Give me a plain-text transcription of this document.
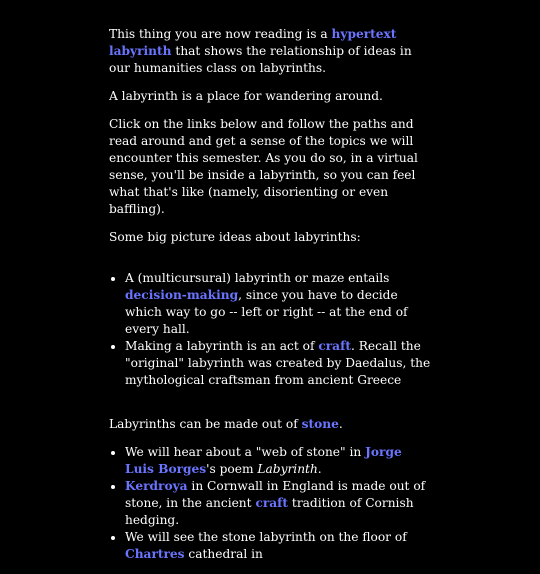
This thing you are now reading is a hypertext labyrinth that shows the relationship of ideas in our humanities class on labyrinths.

A labyrinth is a place for wandering around.

Click on the links below and follow the paths and read around and get a sense of the topics we will encounter this semester. As you do so, in a virtual sense, you'll be inside a labyrinth, so you can feel what that's like (namely, disorienting or even baffling).

Some big picture ideas about labyrinths:

• A (multicursural) labyrinth or maze entails decision-making, since you have to decide which way to go -- left or right -- at the end of every hall.
• Making a labyrinth is an act of craft. Recall the "original" labyrinth was created by Daedalus, the mythological craftsman from ancient Greece

Labyrinths can be made out of stone.

• We will hear about a "web of stone" in Jorge Luis Borges's poem Labyrinth.
• Kerdroya in Cornwall in England is made out of stone, in the ancient craft tradition of Cornish hedging.
• We will see the stone labyrinth on the floor of Chartres cathedral in
